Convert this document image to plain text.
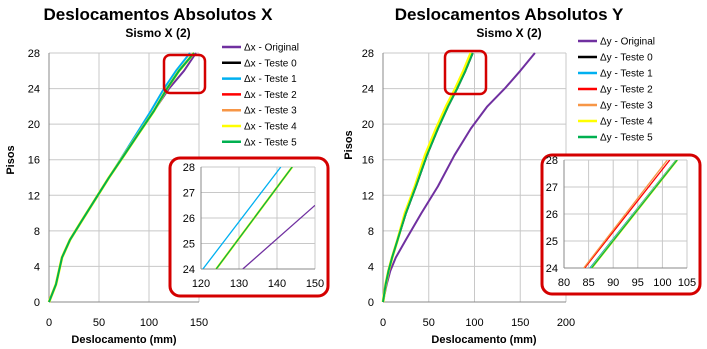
Deslocamentos Absolutos X
Sismo X (2)
0	50	100	150
0
4
8
12
16
20
24
28
Deslocamento (mm)
Pisos
Δx - Original
Δx - Teste 0
Δx - Teste 1
Δx - Teste 2
Δx - Teste 3
Δx - Teste 4
Δx - Teste 5
120 130 140 150
24
25
26
27
28
Deslocamentos Absolutos Y
Sismo X (2)
0	50	100 150 200
0
4
8
12
16
20
24
28
Deslocamento (mm)
Pisos
Δy - Original
Δy - Teste 0
Δy - Teste 1
Δy - Teste 2
Δy - Teste 3
Δy - Teste 4
Δy - Teste 5
80 85 90 95 100 105
24
25
26
27
28
